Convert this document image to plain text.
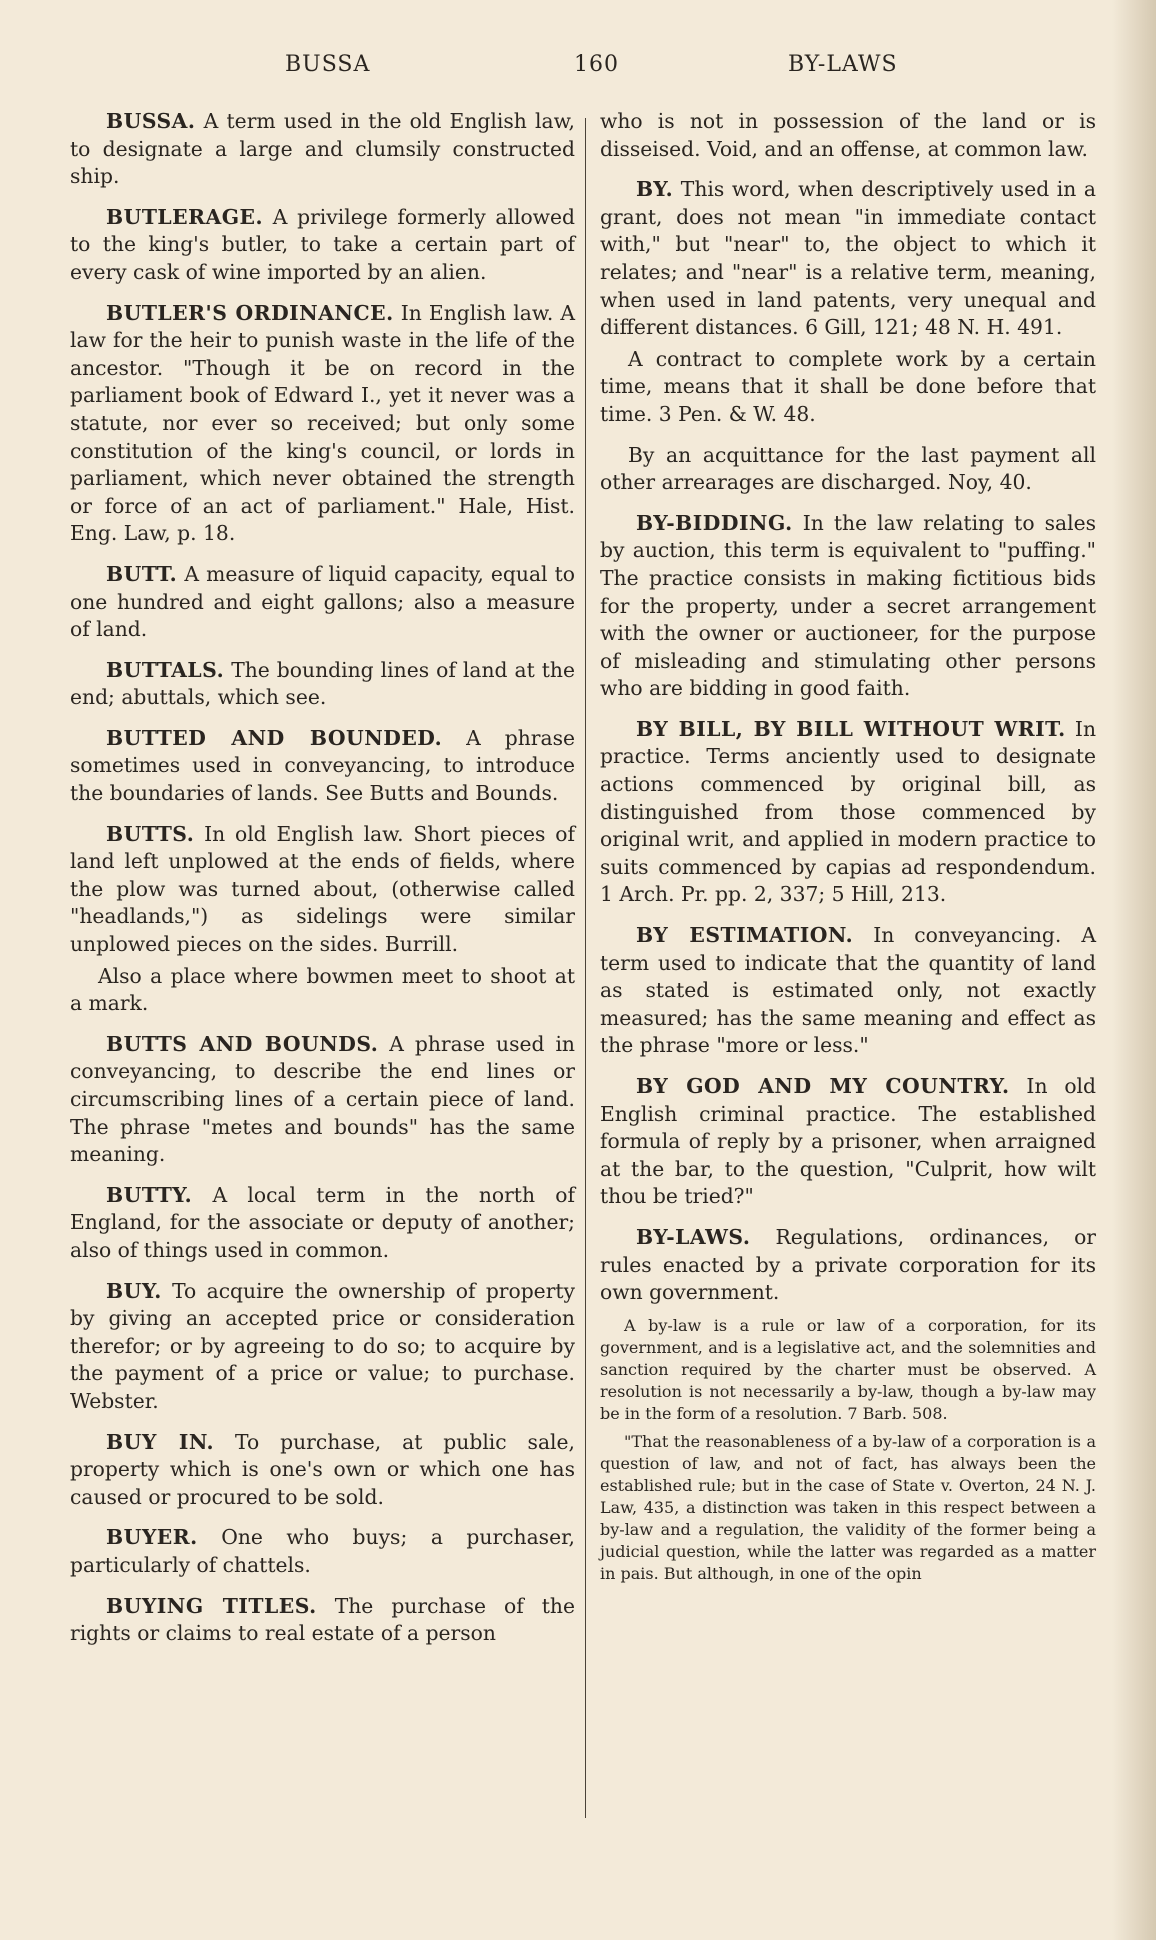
BUSSA	160	BY-LAWS

BUSSA. A term used in the old English law, to designate a large and clumsily constructed ship.

BUTLERAGE. A privilege formerly allowed to the king's butler, to take a certain part of every cask of wine imported by an alien.

BUTLER'S ORDINANCE. In English law. A law for the heir to punish waste in the life of the ancestor. "Though it be on record in the parliament book of Edward I., yet it never was a statute, nor ever so received; but only some constitution of the king's council, or lords in parliament, which never obtained the strength or force of an act of parliament." Hale, Hist. Eng. Law, p. 18.

BUTT. A measure of liquid capacity, equal to one hundred and eight gallons; also a measure of land.

BUTTALS. The bounding lines of land at the end; abuttals, which see.

BUTTED AND BOUNDED. A phrase sometimes used in conveyancing, to introduce the boundaries of lands. See Butts and Bounds.

BUTTS. In old English law. Short pieces of land left unplowed at the ends of fields, where the plow was turned about, (otherwise called "headlands,") as sidelings were similar unplowed pieces on the sides. Burrill.

Also a place where bowmen meet to shoot at a mark.

BUTTS AND BOUNDS. A phrase used in conveyancing, to describe the end lines or circumscribing lines of a certain piece of land. The phrase "metes and bounds" has the same meaning.

BUTTY. A local term in the north of England, for the associate or deputy of another; also of things used in common.

BUY. To acquire the ownership of property by giving an accepted price or consideration therefor; or by agreeing to do so; to acquire by the payment of a price or value; to purchase. Webster.

BUY IN. To purchase, at public sale, property which is one's own or which one has caused or procured to be sold.

BUYER. One who buys; a purchaser, particularly of chattels.

BUYING TITLES. The purchase of the rights or claims to real estate of a person

who is not in possession of the land or is disseised. Void, and an offense, at common law.

BY. This word, when descriptively used in a grant, does not mean "in immediate contact with," but "near" to, the object to which it relates; and "near" is a relative term, meaning, when used in land patents, very unequal and different distances. 6 Gill, 121; 48 N. H. 491.

A contract to complete work by a certain time, means that it shall be done before that time. 3 Pen. & W. 48.

By an acquittance for the last payment all other arrearages are discharged. Noy, 40.

BY-BIDDING. In the law relating to sales by auction, this term is equivalent to "puffing." The practice consists in making fictitious bids for the property, under a secret arrangement with the owner or auctioneer, for the purpose of misleading and stimulating other persons who are bidding in good faith.

BY BILL, BY BILL WITHOUT WRIT. In practice. Terms anciently used to designate actions commenced by original bill, as distinguished from those commenced by original writ, and applied in modern practice to suits commenced by capias ad respondendum. 1 Arch. Pr. pp. 2, 337; 5 Hill, 213.

BY ESTIMATION. In conveyancing. A term used to indicate that the quantity of land as stated is estimated only, not exactly measured; has the same meaning and effect as the phrase "more or less."

BY GOD AND MY COUNTRY. In old English criminal practice. The established formula of reply by a prisoner, when arraigned at the bar, to the question, "Culprit, how wilt thou be tried?"

BY-LAWS. Regulations, ordinances, or rules enacted by a private corporation for its own government.

A by-law is a rule or law of a corporation, for its government, and is a legislative act, and the solemnities and sanction required by the charter must be observed. A resolution is not necessarily a by-law, though a by-law may be in the form of a resolution. 7 Barb. 508.

"That the reasonableness of a by-law of a corporation is a question of law, and not of fact, has always been the established rule; but in the case of State v. Overton, 24 N. J. Law, 435, a distinction was taken in this respect between a by-law and a regulation, the validity of the former being a judicial question, while the latter was regarded as a matter in pais. But although, in one of the opin
